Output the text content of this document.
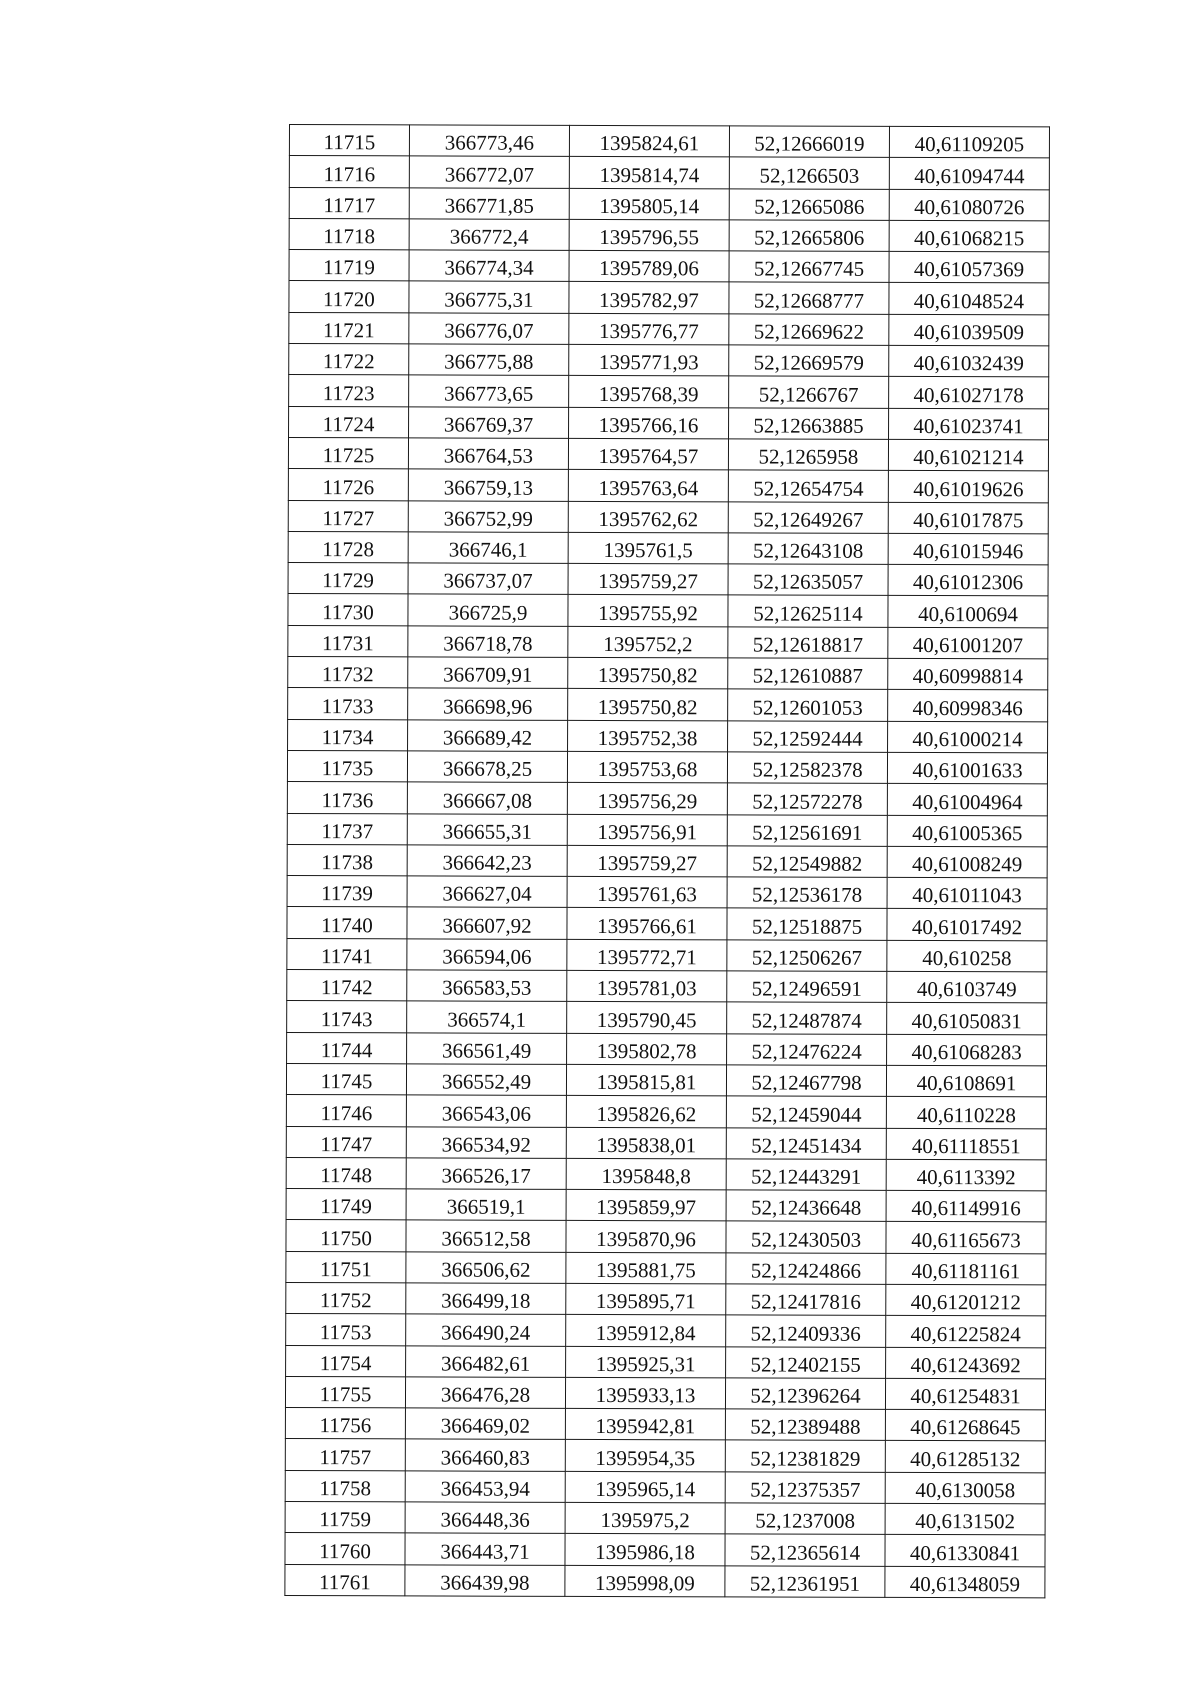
11715	366773,46	1395824,61	52,12666019	40,61109205
11716	366772,07	1395814,74	52,1266503	40,61094744
11717	366771,85	1395805,14	52,12665086	40,61080726
11718	366772,4	1395796,55	52,12665806	40,61068215
11719	366774,34	1395789,06	52,12667745	40,61057369
11720	366775,31	1395782,97	52,12668777	40,61048524
11721	366776,07	1395776,77	52,12669622	40,61039509
11722	366775,88	1395771,93	52,12669579	40,61032439
11723	366773,65	1395768,39	52,1266767	40,61027178
11724	366769,37	1395766,16	52,12663885	40,61023741
11725	366764,53	1395764,57	52,1265958	40,61021214
11726	366759,13	1395763,64	52,12654754	40,61019626
11727	366752,99	1395762,62	52,12649267	40,61017875
11728	366746,1	1395761,5	52,12643108	40,61015946
11729	366737,07	1395759,27	52,12635057	40,61012306
11730	366725,9	1395755,92	52,12625114	40,6100694
11731	366718,78	1395752,2	52,12618817	40,61001207
11732	366709,91	1395750,82	52,12610887	40,60998814
11733	366698,96	1395750,82	52,12601053	40,60998346
11734	366689,42	1395752,38	52,12592444	40,61000214
11735	366678,25	1395753,68	52,12582378	40,61001633
11736	366667,08	1395756,29	52,12572278	40,61004964
11737	366655,31	1395756,91	52,12561691	40,61005365
11738	366642,23	1395759,27	52,12549882	40,61008249
11739	366627,04	1395761,63	52,12536178	40,61011043
11740	366607,92	1395766,61	52,12518875	40,61017492
11741	366594,06	1395772,71	52,12506267	40,610258
11742	366583,53	1395781,03	52,12496591	40,6103749
11743	366574,1	1395790,45	52,12487874	40,61050831
11744	366561,49	1395802,78	52,12476224	40,61068283
11745	366552,49	1395815,81	52,12467798	40,6108691
11746	366543,06	1395826,62	52,12459044	40,6110228
11747	366534,92	1395838,01	52,12451434	40,61118551
11748	366526,17	1395848,8	52,12443291	40,6113392
11749	366519,1	1395859,97	52,12436648	40,61149916
11750	366512,58	1395870,96	52,12430503	40,61165673
11751	366506,62	1395881,75	52,12424866	40,61181161
11752	366499,18	1395895,71	52,12417816	40,61201212
11753	366490,24	1395912,84	52,12409336	40,61225824
11754	366482,61	1395925,31	52,12402155	40,61243692
11755	366476,28	1395933,13	52,12396264	40,61254831
11756	366469,02	1395942,81	52,12389488	40,61268645
11757	366460,83	1395954,35	52,12381829	40,61285132
11758	366453,94	1395965,14	52,12375357	40,6130058
11759	366448,36	1395975,2	52,1237008	40,6131502
11760	366443,71	1395986,18	52,12365614	40,61330841
11761	366439,98	1395998,09	52,12361951	40,61348059
